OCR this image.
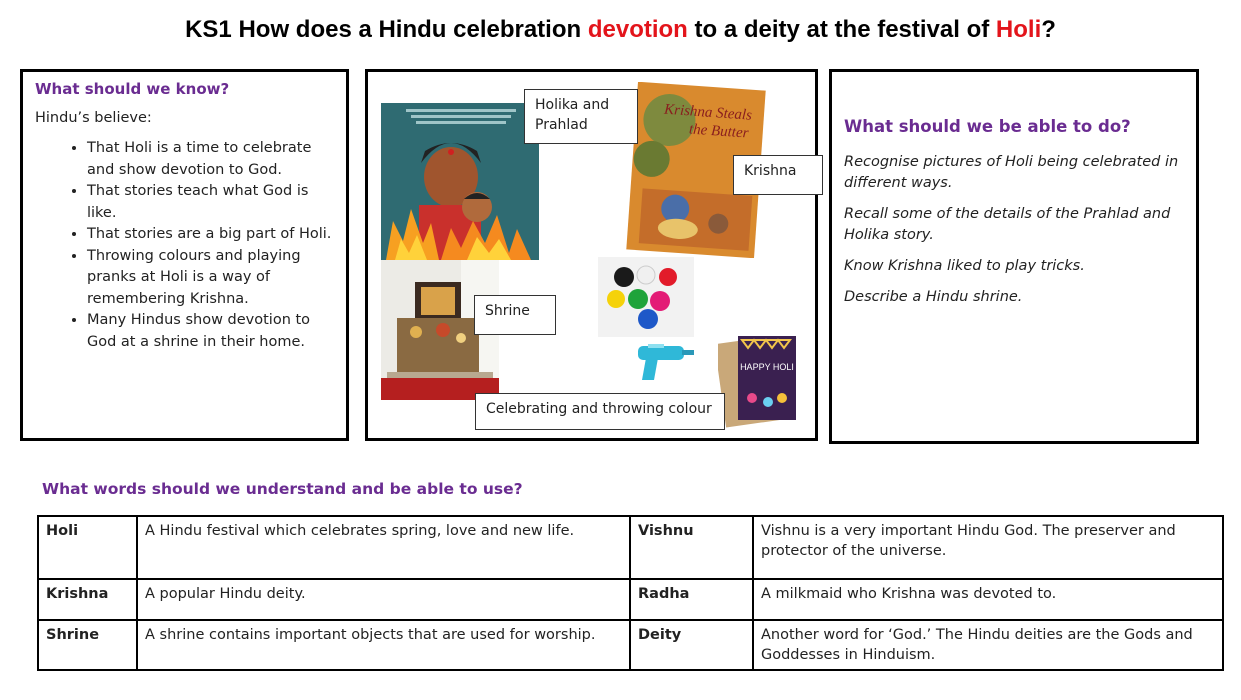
KS1 How does a Hindu celebration devotion to a deity at the festival of Holi?
What should we know?

Hindu’s believe:

• That Holi is a time to celebrate and show devotion to God.
• That stories teach what God is like.
• That stories are a big part of Holi.
• Throwing colours and playing pranks at Holi is a way of remembering Krishna.
• Many Hindus show devotion to God at a shrine in their home.
Krishna Steals
the Butter
HAPPY HOLI
Holika and Prahlad
Krishna
Shrine
Celebrating and throwing colour
What should we be able to do?

Recognise pictures of Holi being celebrated in different ways.

Recall some of the details of the Prahlad and Holika story.

Know Krishna liked to play tricks.

Describe a Hindu shrine.

What words should we understand and be able to use?
Holi	A Hindu festival which celebrates spring, love and new life.	Vishnu	Vishnu is a very important Hindu God. The preserver and protector of the universe.
Krishna	A popular Hindu deity.	Radha	A milkmaid who Krishna was devoted to.
Shrine	A shrine contains important objects that are used for worship.	Deity	Another word for ‘God.’ The Hindu deities are the Gods and Goddesses in Hinduism.
